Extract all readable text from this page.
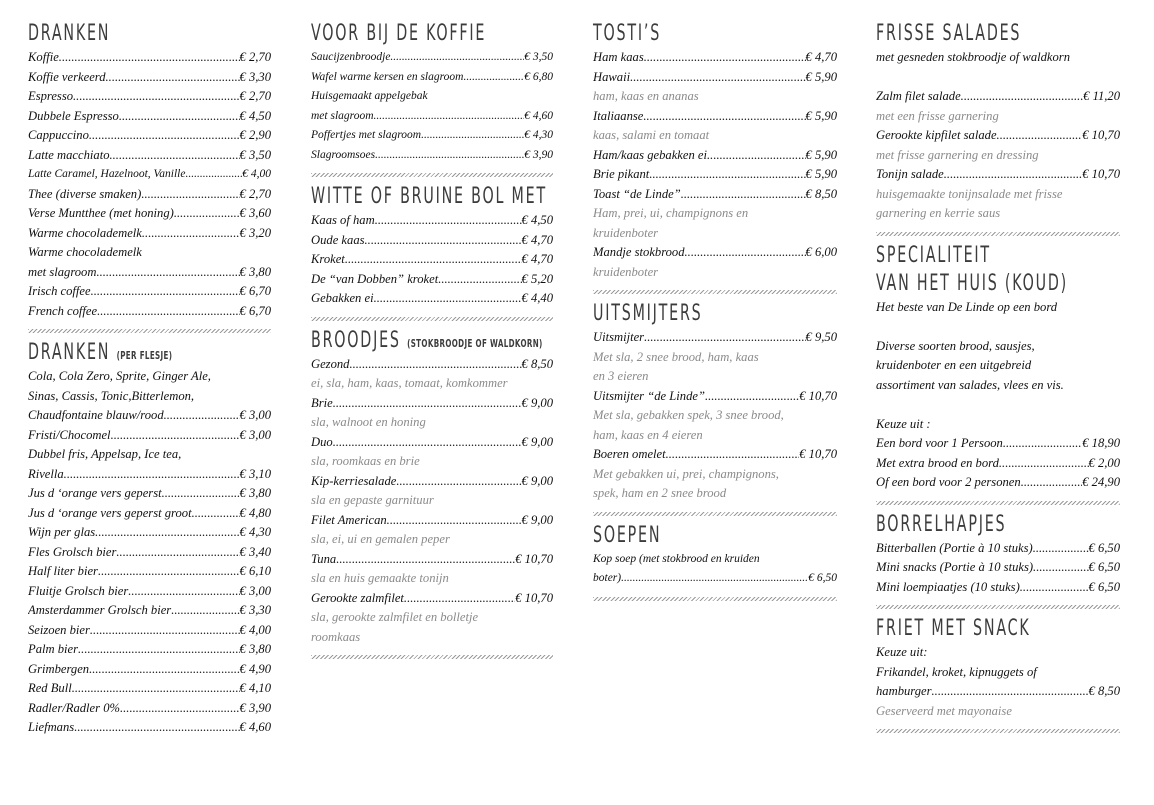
DRANKEN
Koffie .....	€ 2,70
Koffie verkeerd .....	€ 3,30
Espresso .....	€ 2,70
Dubbele Espresso .....	€ 4,50
Cappuccino .....	€ 2,90
Latte macchiato .....	€ 3,50
Latte Caramel, Hazelnoot, Vanille .....	€ 4,00
Thee (diverse smaken) .....	€ 2,70
Verse Muntthee (met honing) .....	€ 3,60
Warme chocolademelk .....	€ 3,20
Warme chocolademelk
met slagroom .....	€ 3,80
Irisch coffee .....	€ 6,70
French coffee .....	€ 6,70
DRANKEN (PER FLESJE)
Cola, Cola Zero, Sprite, Ginger Ale,
Sinas, Cassis, Tonic,Bitterlemon,
Chaudfontaine blauw/rood .....	€ 3,00
Fristi/Chocomel .....	€ 3,00
Dubbel fris, Appelsap, Ice tea,
Rivella .....	€ 3,10
Jus d ‘orange vers geperst .....	€ 3,80
Jus d ‘orange vers geperst groot .....	€ 4,80
Wijn per glas .....	€ 4,30
Fles Grolsch bier .....	€ 3,40
Half liter bier .....	€ 6,10
Fluitje Grolsch bier .....	€ 3,00
Amsterdammer Grolsch bier .....	€ 3,30
Seizoen bier .....	€ 4,00
Palm bier .....	€ 3,80
Grimbergen .....	€ 4,90
Red Bull .....	€ 4,10
Radler/Radler 0% .....	€ 3,90
Liefmans .....	€ 4,60
VOOR BIJ DE KOFFIE
Saucijzenbroodje .....	€ 3,50
Wafel warme kersen en slagroom .....	€ 6,80
Huisgemaakt appelgebak
met slagroom .....	€ 4,60
Poffertjes met slagroom .....	€ 4,30
Slagroomsoes .....	€ 3,90
WITTE OF BRUINE BOL MET
Kaas of ham .....	€ 4,50
Oude kaas .....	€ 4,70
Kroket .....	€ 4,70
De “van Dobben” kroket .....	€ 5,20
Gebakken ei .....	€ 4,40
BROODJES (STOKBROODJE OF WALDKORN)
Gezond .....	€ 8,50
ei, sla, ham, kaas, tomaat, komkommer
Brie .....	€ 9,00
sla, walnoot en honing
Duo .....	€ 9,00
sla, roomkaas en brie
Kip-kerriesalade .....	€ 9,00
sla en gepaste garnituur
Filet American .....	€ 9,00
sla, ei, ui en gemalen peper
Tuna .....	€ 10,70
sla en huis gemaakte tonijn
Gerookte zalmfilet .....	€ 10,70
sla, gerookte zalmfilet en bolletje
roomkaas
TOSTI’S
Ham kaas .....	€ 4,70
Hawaii .....	€ 5,90
ham, kaas en ananas
Italiaanse .....	€ 5,90
kaas, salami en tomaat
Ham/kaas gebakken ei .....	€ 5,90
Brie pikant .....	€ 5,90
Toast “de Linde” .....	€ 8,50
Ham, prei, ui, champignons en
kruidenboter
Mandje stokbrood .....	€ 6,00
kruidenboter
UITSMIJTERS
Uitsmijter .....	€ 9,50
Met sla, 2 snee brood, ham, kaas
en 3 eieren
Uitsmijter “de Linde” .....	€ 10,70
Met sla, gebakken spek, 3 snee brood,
ham, kaas en 4 eieren
Boeren omelet .....	€ 10,70
Met gebakken ui, prei, champignons,
spek, ham en 2 snee brood
SOEPEN
Kop soep (met stokbrood en kruiden
boter) .....	€ 6,50
FRISSE SALADES
met gesneden stokbroodje of waldkorn
Zalm filet salade .....	€ 11,20
met een frisse garnering
Gerookte kipfilet salade .....	€ 10,70
met frisse garnering en dressing
Tonijn salade .....	€ 10,70
huisgemaakte tonijnsalade met frisse
garnering en kerrie saus
SPECIALITEIT
VAN HET HUIS (KOUD)
Het beste van De Linde op een bord
Diverse soorten brood, sausjes,
kruidenboter en een uitgebreid
assortiment van salades, vlees en vis.
Keuze uit :
Een bord voor 1 Persoon .....	€ 18,90
Met extra brood en bord .....	€ 2,00
Of een bord voor 2 personen .....	€ 24,90
BORRELHAPJES
Bitterballen (Portie à 10 stuks) .....	€ 6,50
Mini snacks (Portie à 10 stuks) .....	€ 6,50
Mini loempiaatjes (10 stuks) .....	€ 6,50
FRIET MET SNACK
Keuze uit:
Frikandel, kroket, kipnuggets of
hamburger .....	€ 8,50
Geserveerd met mayonaise
